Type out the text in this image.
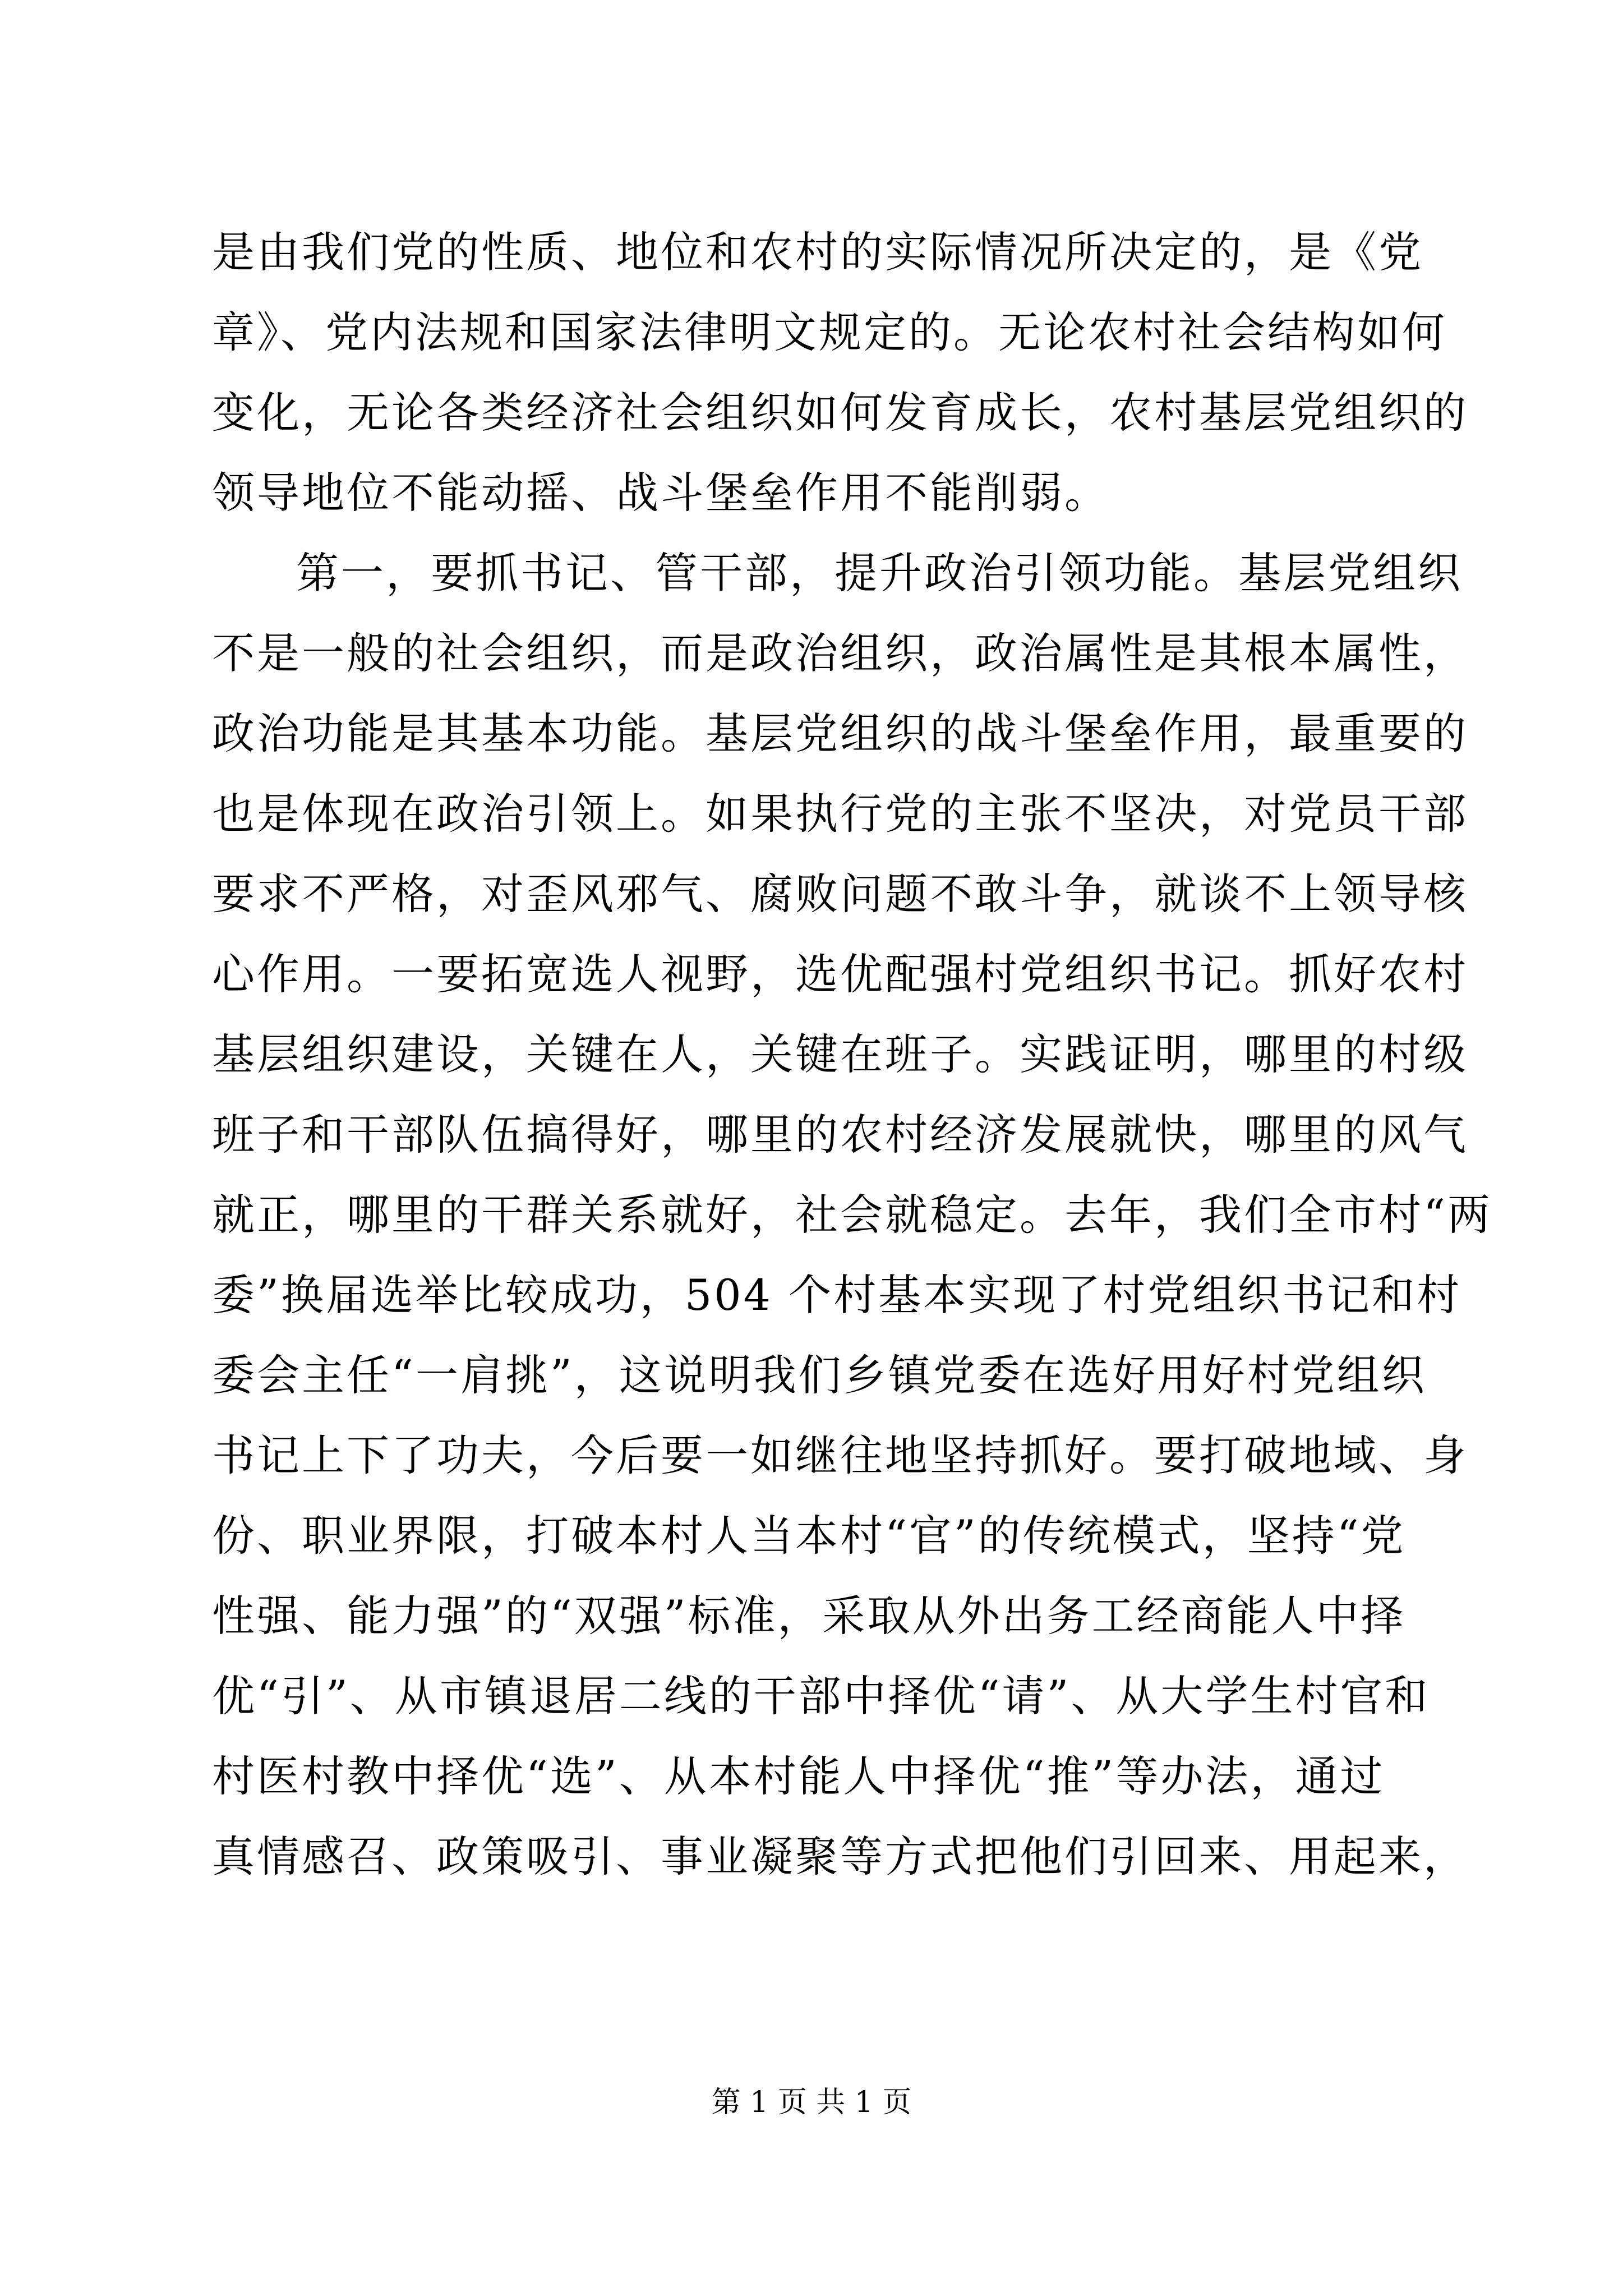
是由我们党的性质、地位和农村的实际情况所决定的，是《党
章》、党内法规和国家法律明文规定的。无论农村社会结构如何
变化，无论各类经济社会组织如何发育成长，农村基层党组织的
领导地位不能动摇、战斗堡垒作用不能削弱。
第一，要抓书记、管干部，提升政治引领功能。基层党组织
不是一般的社会组织，而是政治组织，政治属性是其根本属性，
政治功能是其基本功能。基层党组织的战斗堡垒作用，最重要的
也是体现在政治引领上。如果执行党的主张不坚决，对党员干部
要求不严格，对歪风邪气、腐败问题不敢斗争，就谈不上领导核
心作用。一要拓宽选人视野，选优配强村党组织书记。抓好农村
基层组织建设，关键在人，关键在班子。实践证明，哪里的村级
班子和干部队伍搞得好，哪里的农村经济发展就快，哪里的风气
就正，哪里的干群关系就好，社会就稳定。去年，我们全市村“两
委”换届选举比较成功，504 个村基本实现了村党组织书记和村
委会主任“一肩挑”，这说明我们乡镇党委在选好用好村党组织
书记上下了功夫，今后要一如继往地坚持抓好。要打破地域、身
份、职业界限，打破本村人当本村“官”的传统模式，坚持“党
性强、能力强”的“双强”标准，采取从外出务工经商能人中择
优“引”、从市镇退居二线的干部中择优“请”、从大学生村官和
村医村教中择优“选”、从本村能人中择优“推”等办法，通过
真情感召、政策吸引、事业凝聚等方式把他们引回来、用起来，
第 1 页 共 1 页
